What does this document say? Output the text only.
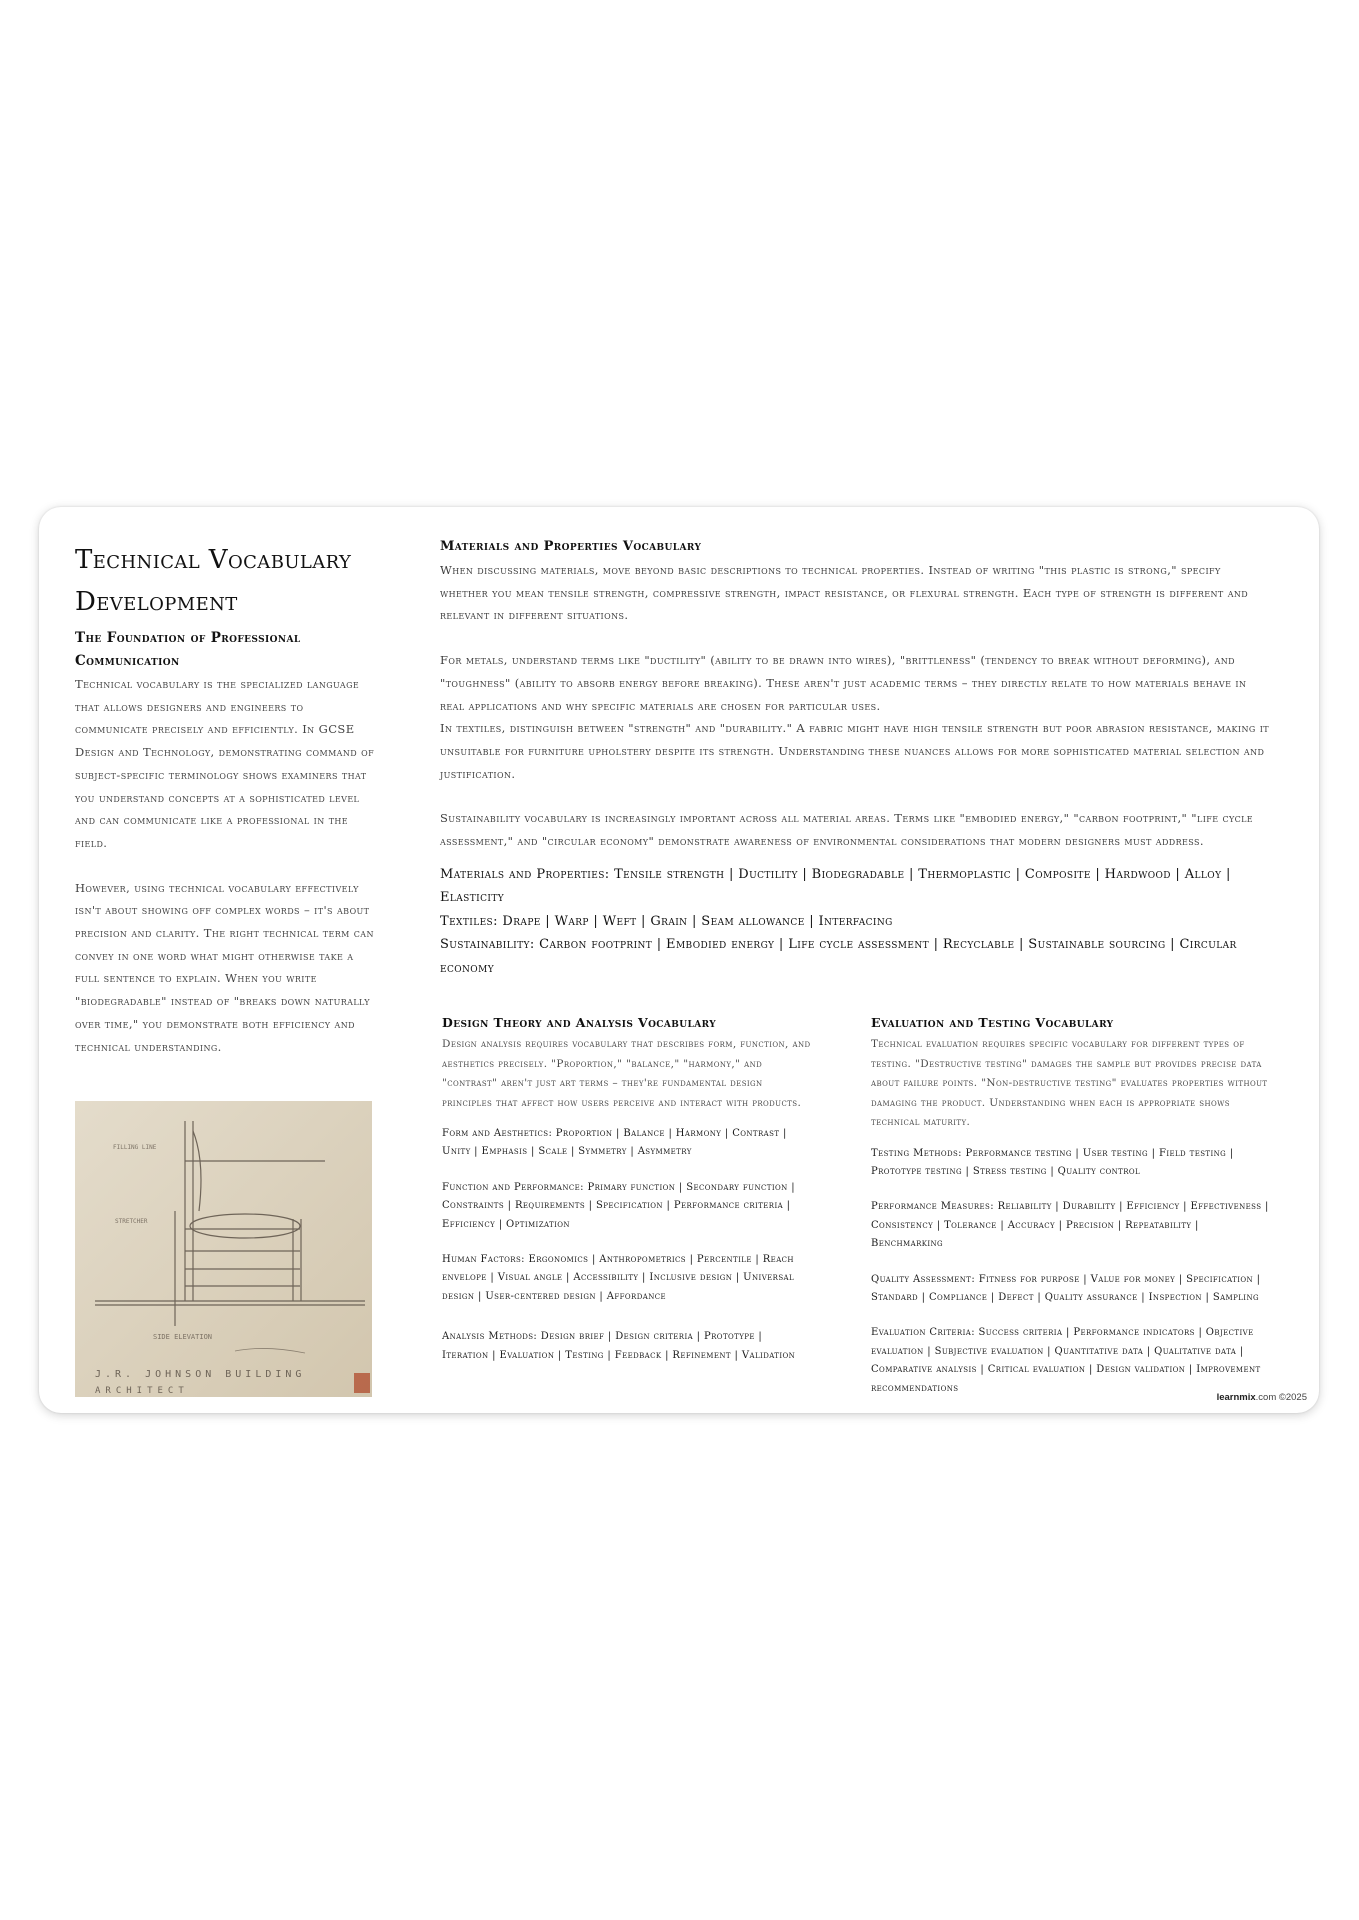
Technical Vocabulary Development
The Foundation of Professional Communication

Technical vocabulary is the specialized language that allows designers and engineers to communicate precisely and efficiently. In GCSE Design and Technology, demonstrating command of subject-specific terminology shows examiners that you understand concepts at a sophisticated level and can communicate like a professional in the field.

However, using technical vocabulary effectively isn't about showing off complex words – it's about precision and clarity. The right technical term can convey in one word what might otherwise take a full sentence to explain. When you write "biodegradable" instead of "breaks down naturally over time," you demonstrate both efficiency and technical understanding.

FILLING LINE
STRETCHER
SIDE ELEVATION
J.R. JOHNSON BUILDING
ARCHITECT
Materials and Properties Vocabulary

When discussing materials, move beyond basic descriptions to technical properties. Instead of writing "this plastic is strong," specify whether you mean tensile strength, compressive strength, impact resistance, or flexural strength. Each type of strength is different and relevant in different situations.

For metals, understand terms like "ductility" (ability to be drawn into wires), "brittleness" (tendency to break without deforming), and "toughness" (ability to absorb energy before breaking). These aren't just academic terms – they directly relate to how materials behave in real applications and why specific materials are chosen for particular uses.

In textiles, distinguish between "strength" and "durability." A fabric might have high tensile strength but poor abrasion resistance, making it unsuitable for furniture upholstery despite its strength. Understanding these nuances allows for more sophisticated material selection and justification.

Sustainability vocabulary is increasingly important across all material areas. Terms like "embodied energy," "carbon footprint," "life cycle assessment," and "circular economy" demonstrate awareness of environmental considerations that modern designers must address.

Materials and Properties: Tensile strength | Ductility | Biodegradable | Thermoplastic | Composite | Hardwood | Alloy | Elasticity

Textiles: Drape | Warp | Weft | Grain | Seam allowance | Interfacing

Sustainability: Carbon footprint | Embodied energy | Life cycle assessment | Recyclable | Sustainable sourcing | Circular economy

Design Theory and Analysis Vocabulary

Design analysis requires vocabulary that describes form, function, and aesthetics precisely. "Proportion," "balance," "harmony," and "contrast" aren't just art terms – they're fundamental design principles that affect how users perceive and interact with products.

Form and Aesthetics: Proportion | Balance | Harmony | Contrast | Unity | Emphasis | Scale | Symmetry | Asymmetry

Function and Performance: Primary function | Secondary function | Constraints | Requirements | Specification | Performance criteria | Efficiency | Optimization

Human Factors: Ergonomics | Anthropometrics | Percentile | Reach envelope | Visual angle | Accessibility | Inclusive design | Universal design | User-centered design | Affordance

Analysis Methods: Design brief | Design criteria | Prototype | Iteration | Evaluation | Testing | Feedback | Refinement | Validation

Evaluation and Testing Vocabulary

Technical evaluation requires specific vocabulary for different types of testing. "Destructive testing" damages the sample but provides precise data about failure points. "Non-destructive testing" evaluates properties without damaging the product. Understanding when each is appropriate shows technical maturity.

Testing Methods: Performance testing | User testing | Field testing | Prototype testing | Stress testing | Quality control

Performance Measures: Reliability | Durability | Efficiency | Effectiveness | Consistency | Tolerance | Accuracy | Precision | Repeatability | Benchmarking

Quality Assessment: Fitness for purpose | Value for money | Specification | Standard | Compliance | Defect | Quality assurance | Inspection | Sampling

Evaluation Criteria: Success criteria | Performance indicators | Objective evaluation | Subjective evaluation | Quantitative data | Qualitative data | Comparative analysis | Critical evaluation | Design validation | Improvement recommendations

learnmix.com ©2025
